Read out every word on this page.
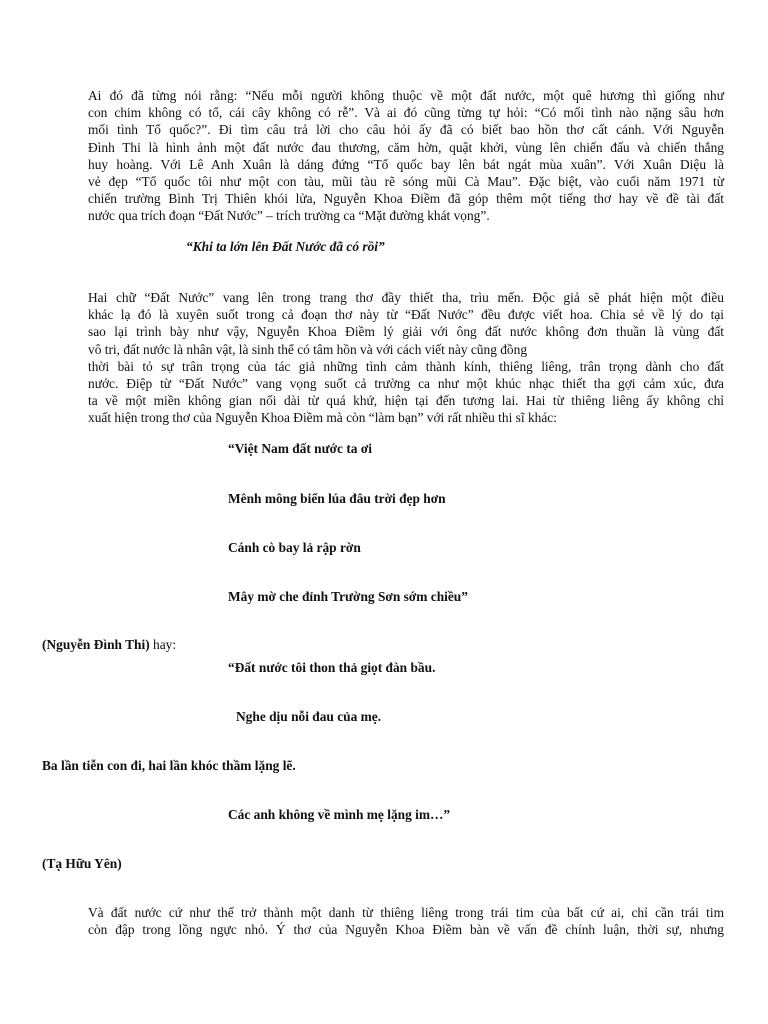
Ai đó đã từng nói rằng: “Nếu mỗi người không thuộc về một đất nước, một quê hương thì giống như
con chim không có tổ, cái cây không có rễ”. Và ai đó cũng từng tự hỏi: “Có mối tình nào nặng sâu hơn
mối tình Tổ quốc?”. Đi tìm câu trả lời cho câu hỏi ấy đã có biết bao hồn thơ cất cánh. Với Nguyễn
Đình Thi là hình ảnh một đất nước đau thương, căm hờn, quật khởi, vùng lên chiến đấu và chiến thắng
huy hoàng. Với Lê Anh Xuân là dáng đứng “Tổ quốc bay lên bát ngát mùa xuân”. Với Xuân Diệu là
vẻ đẹp “Tổ quốc tôi như một con tàu, mũi tàu rẽ sóng mũi Cà Mau”. Đặc biệt, vào cuối năm 1971 từ
chiến trường Bình Trị Thiên khói lửa, Nguyễn Khoa Điềm đã góp thêm một tiếng thơ hay về đề tài đất
nước qua trích đoạn “Đất Nước” – trích trường ca “Mặt đường khát vọng”.

“Khi ta lớn lên Đất Nước đã có rồi”

Hai chữ “Đất Nước” vang lên trong trang thơ đầy thiết tha, trìu mến. Độc giả sẽ phát hiện một điều
khác lạ đó là xuyên suốt trong cả đoạn thơ này từ “Đất Nước” đều được viết hoa. Chia sẻ về lý do tại
sao lại trình bày như vậy, Nguyễn Khoa Điềm lý giải với ông đất nước không đơn thuần là vùng đất
vô tri, đất nước là nhân vật, là sinh thể có tâm hồn và với cách viết này cũng đồng
thời bài tỏ sự trân trọng của tác giả những tình cảm thành kính, thiêng liêng, trân trọng dành cho đất
nước. Điệp từ “Đất Nước” vang vọng suốt cả trường ca như một khúc nhạc thiết tha gợi cảm xúc, đưa
ta về một miền không gian nối dài từ quá khứ, hiện tại đến tương lai. Hai từ thiêng liêng ấy không chỉ
xuất hiện trong thơ của Nguyễn Khoa Điềm mà còn “làm bạn” với rất nhiều thi sĩ khác:

“Việt Nam đất nước ta ơi

Mênh mông biển lúa đâu trời đẹp hơn

Cánh cò bay lả rập rờn

Mây mờ che đỉnh Trường Sơn sớm chiều”

(Nguyễn Đình Thi) hay:

“Đất nước tôi thon thả giọt đàn bầu.

Nghe dịu nỗi đau của mẹ.

Ba lần tiễn con đi, hai lần khóc thầm lặng lẽ.

Các anh không về mình mẹ lặng im…”

(Tạ Hữu Yên)

Và đất nước cứ như thế trở thành một danh từ thiêng liêng trong trái tim của bất cứ ai, chỉ cần trái tim
còn đập trong lồng ngực nhỏ. Ý thơ của Nguyễn Khoa Điềm bàn về vấn đề chính luận, thời sự, nhưng
